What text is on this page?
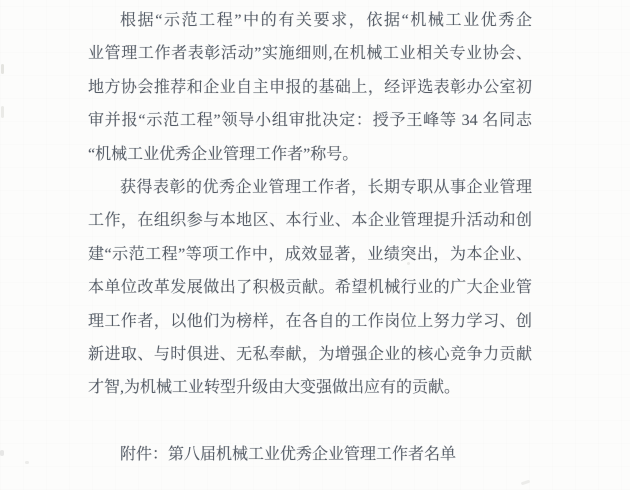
根据“示范工程”中的有关要求，依据“机械工业优秀企
业管理工作者表彰活动”实施细则,在机械工业相关专业协会、
地方协会推荐和企业自主申报的基础上，经评选表彰办公室初
审并报“示范工程”领导小组审批决定：授予王峰等 34 名同志
“机械工业优秀企业管理工作者”称号。
获得表彰的优秀企业管理工作者，长期专职从事企业管理
工作，在组织参与本地区、本行业、本企业管理提升活动和创
建“示范工程”等项工作中，成效显著，业绩突出，为本企业、
本单位改革发展做出了积极贡献。希望机械行业的广大企业管
理工作者，以他们为榜样，在各自的工作岗位上努力学习、创
新进取、与时俱进、无私奉献，为增强企业的核心竞争力贡献
才智,为机械工业转型升级由大变强做出应有的贡献。
附件：第八届机械工业优秀企业管理工作者名单
